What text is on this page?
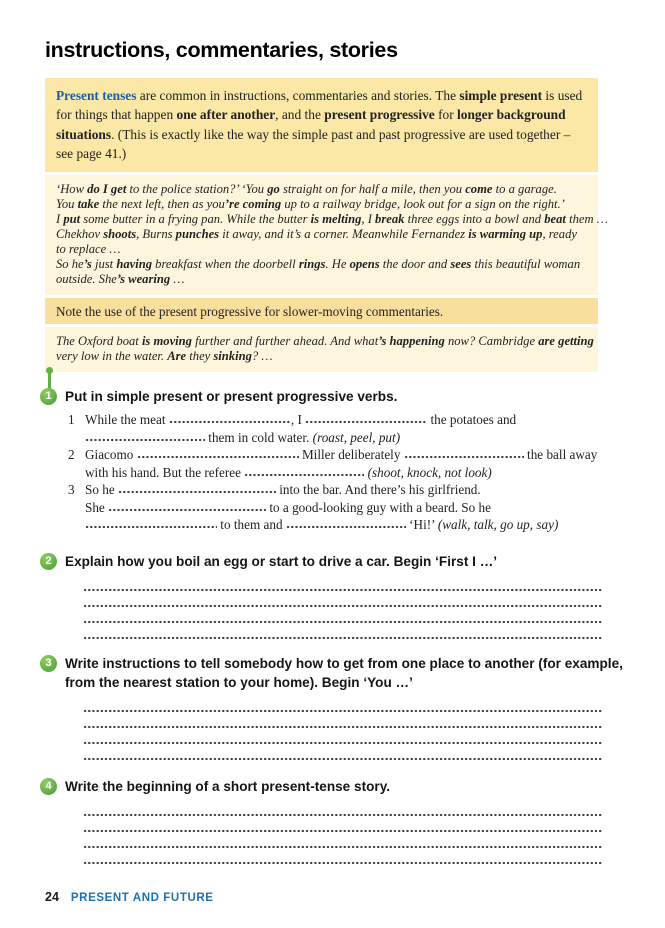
instructions, commentaries, stories

Present tenses are common in instructions, commentaries and stories. The simple present is used for things that happen one after another, and the present progressive for longer background situations. (This is exactly like the way the simple past and past progressive are used together – see page 41.)

‘How do I get to the police station?’ ‘You go straight on for half a mile, then you come to a garage.
You take the next left, then as you’re coming up to a railway bridge, look out for a sign on the right.’
I put some butter in a frying pan. While the butter is melting, I break three eggs into a bowl and beat them …
Chekhov shoots, Burns punches it away, and it’s a corner. Meanwhile Fernandez is warming up, ready
to replace …
So he’s just having breakfast when the doorbell rings. He opens the door and sees this beautiful woman
outside. She’s wearing …
Note the use of the present progressive for slower-moving commentaries.
The Oxford boat is moving further and further ahead. And what’s happening now? Cambridge are getting
very low in the water. Are they sinking? …
1 Put in simple present or present progressive verbs.
1 While the meat	, I	the potatoes and
them in cold water. (roast, peel, put)
2 Giacomo	Miller deliberately	the ball away
with his hand. But the referee	(shoot, knock, not look)
3 So he	into the bar. And there’s his girlfriend.
She	to a good-looking guy with a beard. So he
to them and	‘Hi!’ (walk, talk, go up, say)
2 Explain how you boil an egg or start to drive a car. Begin ‘First I …’
3 Write instructions to tell somebody how to get from one place to another (for example,
from the nearest station to your home). Begin ‘You …’
4 Write the beginning of a short present-tense story.
24 PRESENT AND FUTURE
